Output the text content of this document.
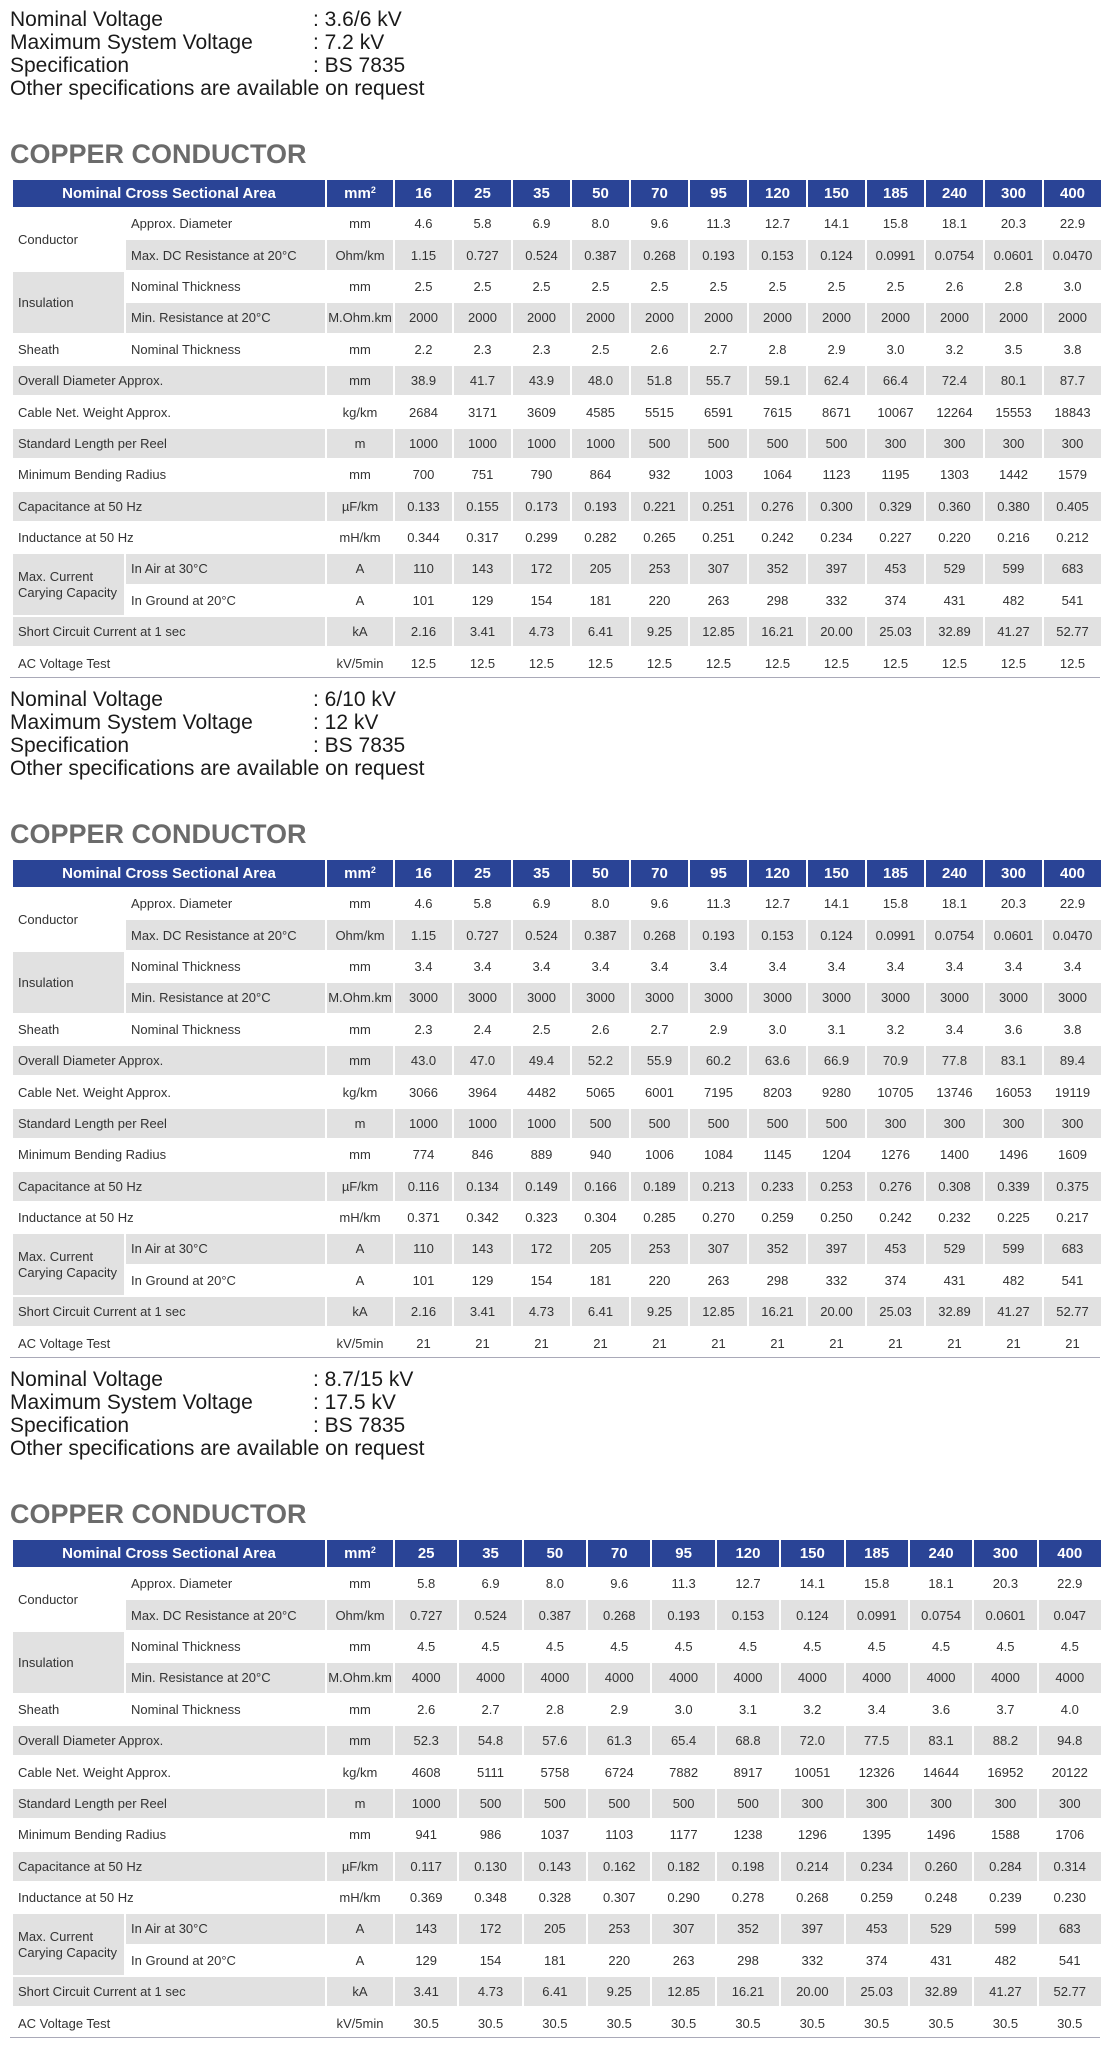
Nominal Voltage	: 3.6/6 kV
Maximum System Voltage	: 7.2 kV
Specification	: BS 7835
Other specifications are available on request
COPPER CONDUCTOR
Nominal Cross Sectional Area		$mm^2$	16	25	35	50	70	95	120	150	185	240	300	400
Conductor	Approx. Diameter	mm	4.6	5.8	6.9	8.0	9.6	11.3	12.7	14.1	15.8	18.1	20.3	22.9
	Max. DC Resistance at 20°C	Ohm/km	1.15	0.727	0.524	0.387	0.268	0.193	0.153	0.124	0.0991	0.0754	0.0601	0.0470
Insulation	Nominal Thickness	mm	2.5	2.5	2.5	2.5	2.5	2.5	2.5	2.5	2.5	2.6	2.8	3.0
	Min. Resistance at 20°C	M.Ohm.km	2000	2000	2000	2000	2000	2000	2000	2000	2000	2000	2000	2000
Sheath	Nominal Thickness	mm	2.2	2.3	2.3	2.5	2.6	2.7	2.8	2.9	3.0	3.2	3.5	3.8
Overall Diameter Approx.		mm	38.9	41.7	43.9	48.0	51.8	55.7	59.1	62.4	66.4	72.4	80.1	87.7
Cable Net. Weight Approx.		kg/km	2684	3171	3609	4585	5515	6591	7615	8671	10067	12264	15553	18843
Standard Length per Reel		m	1000	1000	1000	1000	500	500	500	500	300	300	300	300
Minimum Bending Radius		mm	700	751	790	864	932	1003	1064	1123	1195	1303	1442	1579
Capacitance at 50 Hz		µF/km	0.133	0.155	0.173	0.193	0.221	0.251	0.276	0.300	0.329	0.360	0.380	0.405
Inductance at 50 Hz		mH/km	0.344	0.317	0.299	0.282	0.265	0.251	0.242	0.234	0.227	0.220	0.216	0.212
Max. Current Carying Capacity	In Air at 30°C	A	110	143	172	205	253	307	352	397	453	529	599	683
	In Ground at 20°C	A	101	129	154	181	220	263	298	332	374	431	482	541
Short Circuit Current at 1 sec		kA	2.16	3.41	4.73	6.41	9.25	12.85	16.21	20.00	25.03	32.89	41.27	52.77
AC Voltage Test		kV/5min	12.5	12.5	12.5	12.5	12.5	12.5	12.5	12.5	12.5	12.5	12.5	12.5
Nominal Voltage	: 6/10 kV
Maximum System Voltage	: 12 kV
Specification	: BS 7835
Other specifications are available on request
COPPER CONDUCTOR
Nominal Cross Sectional Area		$mm^2$	16	25	35	50	70	95	120	150	185	240	300	400
Conductor	Approx. Diameter	mm	4.6	5.8	6.9	8.0	9.6	11.3	12.7	14.1	15.8	18.1	20.3	22.9
	Max. DC Resistance at 20°C	Ohm/km	1.15	0.727	0.524	0.387	0.268	0.193	0.153	0.124	0.0991	0.0754	0.0601	0.0470
Insulation	Nominal Thickness	mm	3.4	3.4	3.4	3.4	3.4	3.4	3.4	3.4	3.4	3.4	3.4	3.4
	Min. Resistance at 20°C	M.Ohm.km	3000	3000	3000	3000	3000	3000	3000	3000	3000	3000	3000	3000
Sheath	Nominal Thickness	mm	2.3	2.4	2.5	2.6	2.7	2.9	3.0	3.1	3.2	3.4	3.6	3.8
Overall Diameter Approx.		mm	43.0	47.0	49.4	52.2	55.9	60.2	63.6	66.9	70.9	77.8	83.1	89.4
Cable Net. Weight Approx.		kg/km	3066	3964	4482	5065	6001	7195	8203	9280	10705	13746	16053	19119
Standard Length per Reel		m	1000	1000	1000	500	500	500	500	500	300	300	300	300
Minimum Bending Radius		mm	774	846	889	940	1006	1084	1145	1204	1276	1400	1496	1609
Capacitance at 50 Hz		µF/km	0.116	0.134	0.149	0.166	0.189	0.213	0.233	0.253	0.276	0.308	0.339	0.375
Inductance at 50 Hz		mH/km	0.371	0.342	0.323	0.304	0.285	0.270	0.259	0.250	0.242	0.232	0.225	0.217
Max. Current Carying Capacity	In Air at 30°C	A	110	143	172	205	253	307	352	397	453	529	599	683
	In Ground at 20°C	A	101	129	154	181	220	263	298	332	374	431	482	541
Short Circuit Current at 1 sec		kA	2.16	3.41	4.73	6.41	9.25	12.85	16.21	20.00	25.03	32.89	41.27	52.77
AC Voltage Test		kV/5min	21	21	21	21	21	21	21	21	21	21	21	21
Nominal Voltage	: 8.7/15 kV
Maximum System Voltage	: 17.5 kV
Specification	: BS 7835
Other specifications are available on request
COPPER CONDUCTOR
Nominal Cross Sectional Area		$mm^2$	25	35	50	70	95	120	150	185	240	300	400
Conductor	Approx. Diameter	mm	5.8	6.9	8.0	9.6	11.3	12.7	14.1	15.8	18.1	20.3	22.9
	Max. DC Resistance at 20°C	Ohm/km	0.727	0.524	0.387	0.268	0.193	0.153	0.124	0.0991	0.0754	0.0601	0.047
Insulation	Nominal Thickness	mm	4.5	4.5	4.5	4.5	4.5	4.5	4.5	4.5	4.5	4.5	4.5
	Min. Resistance at 20°C	M.Ohm.km	4000	4000	4000	4000	4000	4000	4000	4000	4000	4000	4000
Sheath	Nominal Thickness	mm	2.6	2.7	2.8	2.9	3.0	3.1	3.2	3.4	3.6	3.7	4.0
Overall Diameter Approx.		mm	52.3	54.8	57.6	61.3	65.4	68.8	72.0	77.5	83.1	88.2	94.8
Cable Net. Weight Approx.		kg/km	4608	5111	5758	6724	7882	8917	10051	12326	14644	16952	20122
Standard Length per Reel		m	1000	500	500	500	500	500	300	300	300	300	300
Minimum Bending Radius		mm	941	986	1037	1103	1177	1238	1296	1395	1496	1588	1706
Capacitance at 50 Hz		µF/km	0.117	0.130	0.143	0.162	0.182	0.198	0.214	0.234	0.260	0.284	0.314
Inductance at 50 Hz		mH/km	0.369	0.348	0.328	0.307	0.290	0.278	0.268	0.259	0.248	0.239	0.230
Max. Current Carying Capacity	In Air at 30°C	A	143	172	205	253	307	352	397	453	529	599	683
	In Ground at 20°C	A	129	154	181	220	263	298	332	374	431	482	541
Short Circuit Current at 1 sec		kA	3.41	4.73	6.41	9.25	12.85	16.21	20.00	25.03	32.89	41.27	52.77
AC Voltage Test		kV/5min	30.5	30.5	30.5	30.5	30.5	30.5	30.5	30.5	30.5	30.5	30.5
